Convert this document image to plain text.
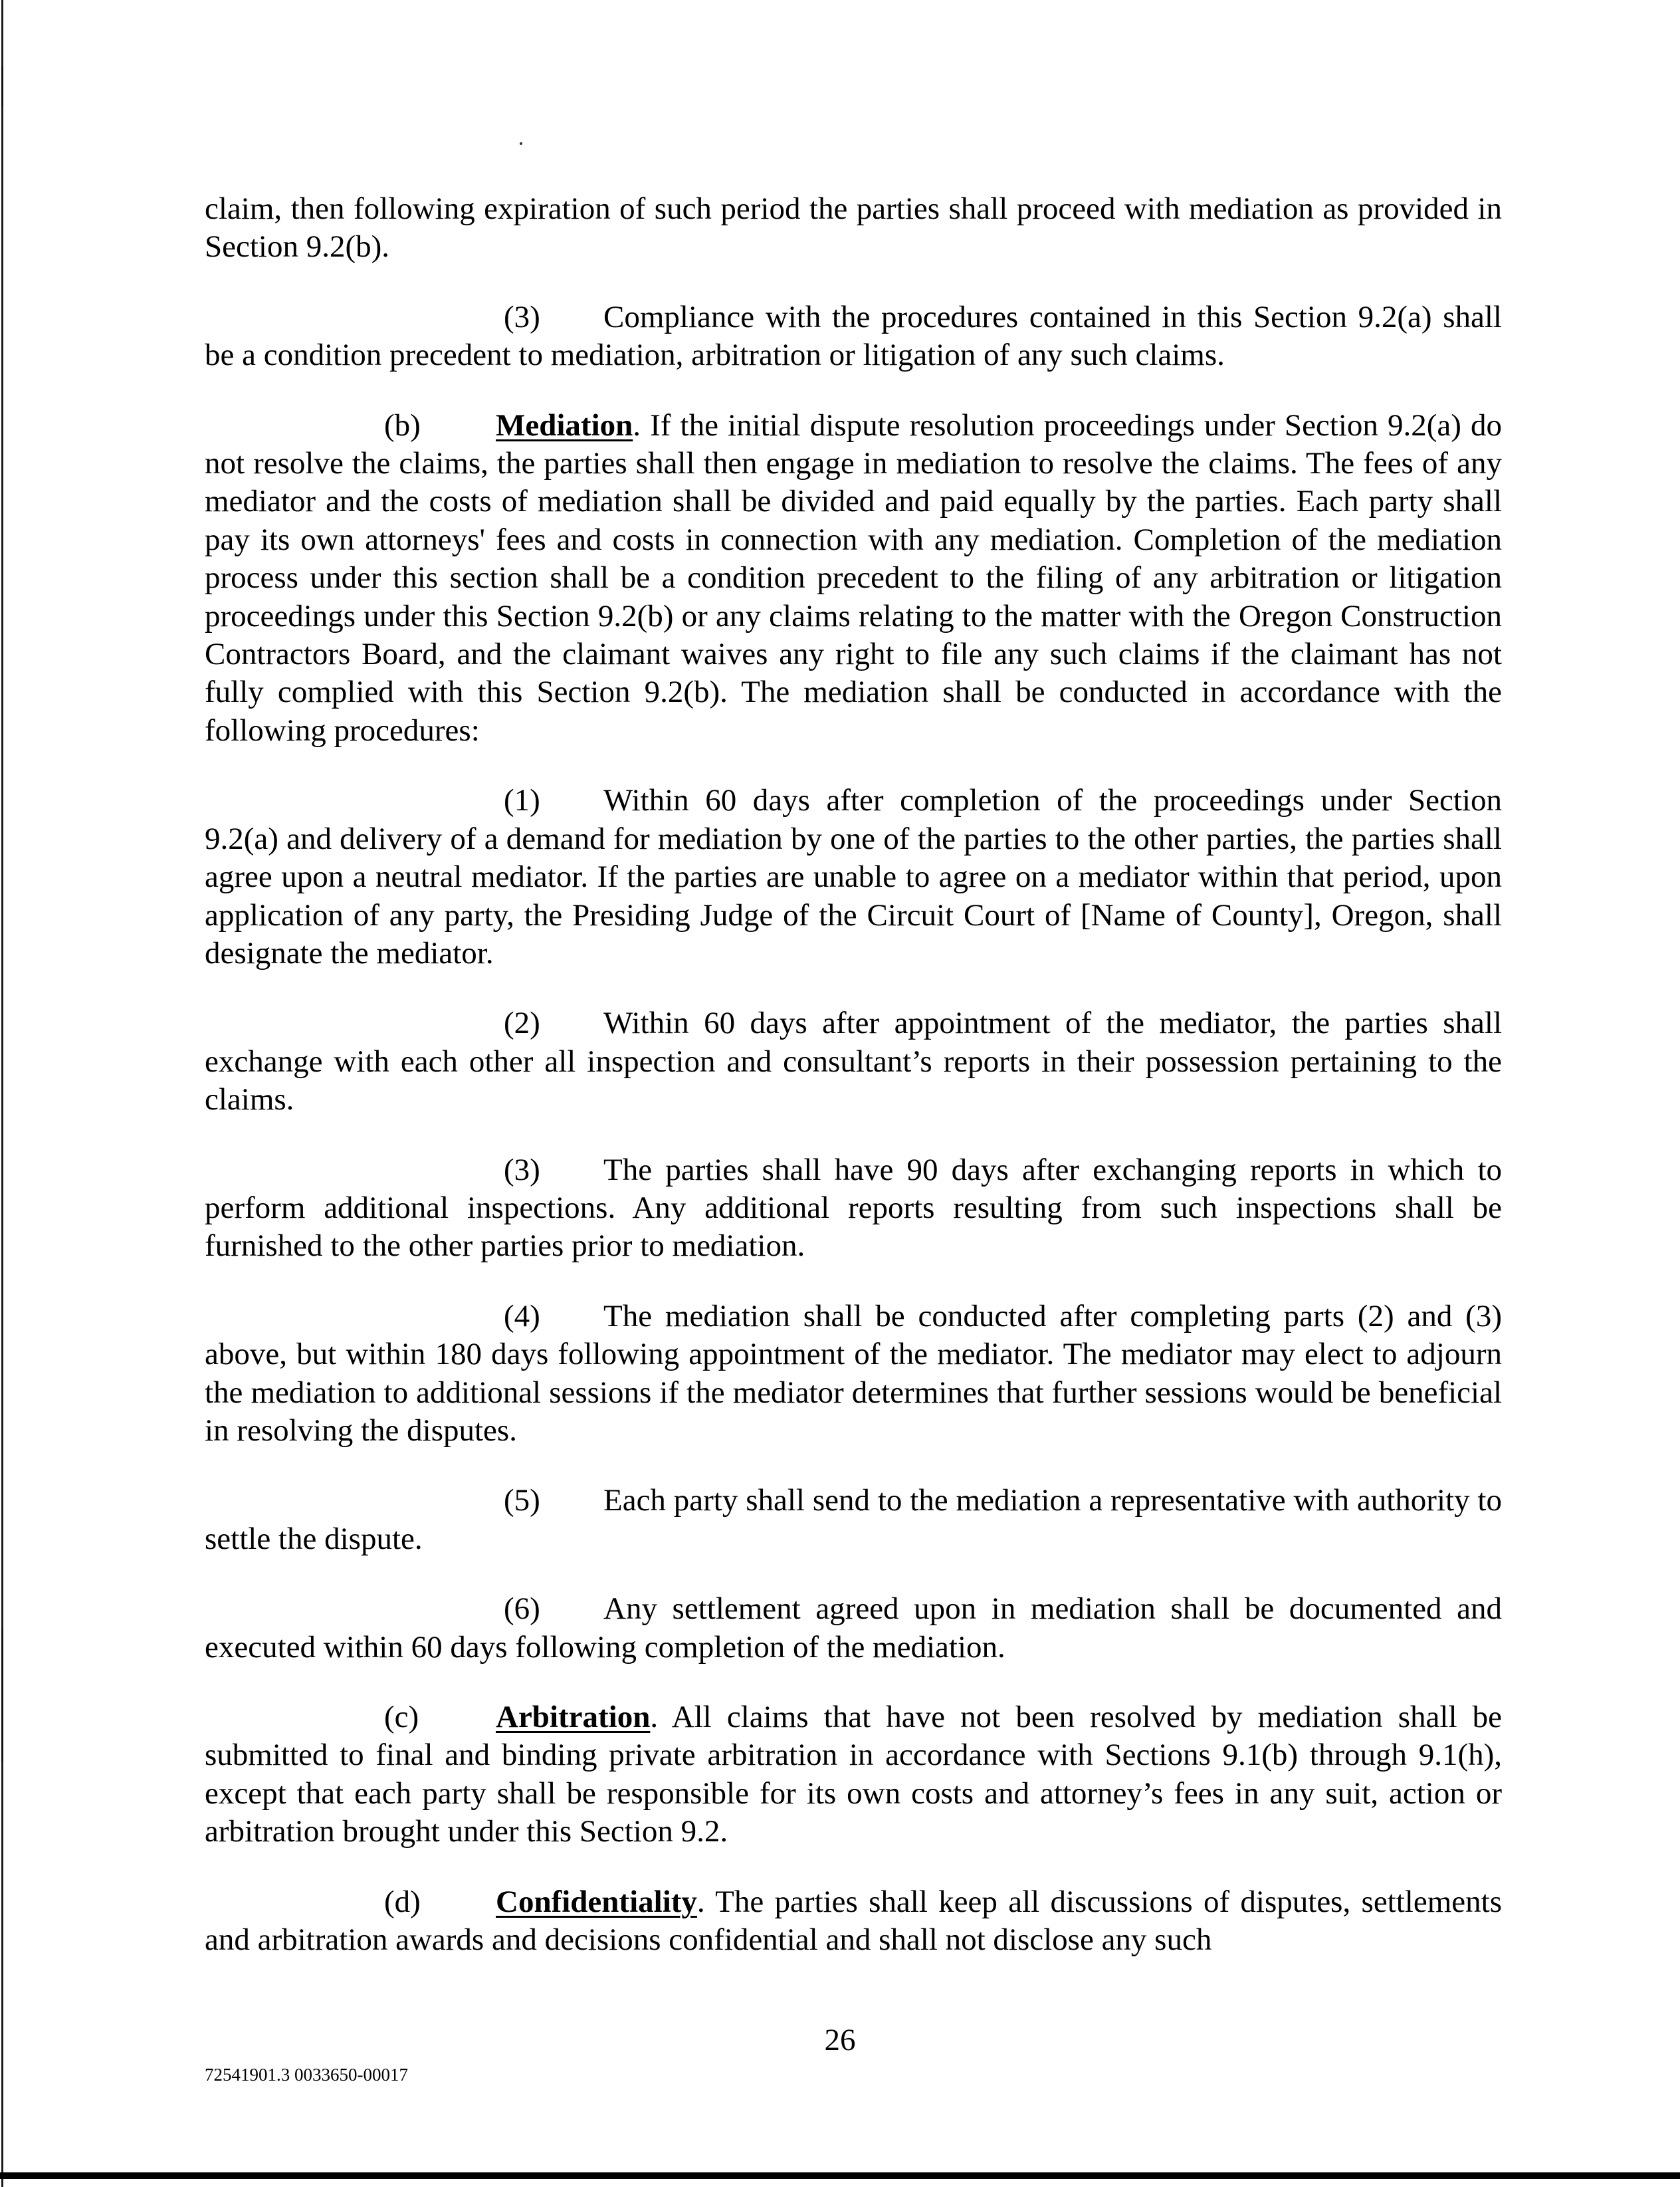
claim, then following expiration of such period the parties shall proceed with mediation as provided in Section 9.2(b).

(3) Compliance with the procedures contained in this Section 9.2(a) shall be a condition precedent to mediation, arbitration or litigation of any such claims.

(b) Mediation. If the initial dispute resolution proceedings under Section 9.2(a) do not resolve the claims, the parties shall then engage in mediation to resolve the claims. The fees of any mediator and the costs of mediation shall be divided and paid equally by the parties. Each party shall pay its own attorneys' fees and costs in connection with any mediation. Completion of the mediation process under this section shall be a condition precedent to the filing of any arbitration or litigation proceedings under this Section 9.2(b) or any claims relating to the matter with the Oregon Construction Contractors Board, and the claimant waives any right to file any such claims if the claimant has not fully complied with this Section 9.2(b). The mediation shall be conducted in accordance with the following procedures:

(1) Within 60 days after completion of the proceedings under Section 9.2(a) and delivery of a demand for mediation by one of the parties to the other parties, the parties shall agree upon a neutral mediator. If the parties are unable to agree on a mediator within that period, upon application of any party, the Presiding Judge of the Circuit Court of [Name of County], Oregon, shall designate the mediator.

(2) Within 60 days after appointment of the mediator, the parties shall exchange with each other all inspection and consultant’s reports in their possession pertaining to the claims.

(3) The parties shall have 90 days after exchanging reports in which to perform additional inspections. Any additional reports resulting from such inspections shall be furnished to the other parties prior to mediation.

(4) The mediation shall be conducted after completing parts (2) and (3) above, but within 180 days following appointment of the mediator. The mediator may elect to adjourn the mediation to additional sessions if the mediator determines that further sessions would be beneficial in resolving the disputes.

(5) Each party shall send to the mediation a representative with authority to settle the dispute.

(6) Any settlement agreed upon in mediation shall be documented and executed within 60 days following completion of the mediation.

(c) Arbitration. All claims that have not been resolved by mediation shall be submitted to final and binding private arbitration in accordance with Sections 9.1(b) through 9.1(h), except that each party shall be responsible for its own costs and attorney’s fees in any suit, action or arbitration brought under this Section 9.2.

(d) Confidentiality. The parties shall keep all discussions of disputes, settlements and arbitration awards and decisions confidential and shall not disclose any such

26
72541901.3 0033650-00017
